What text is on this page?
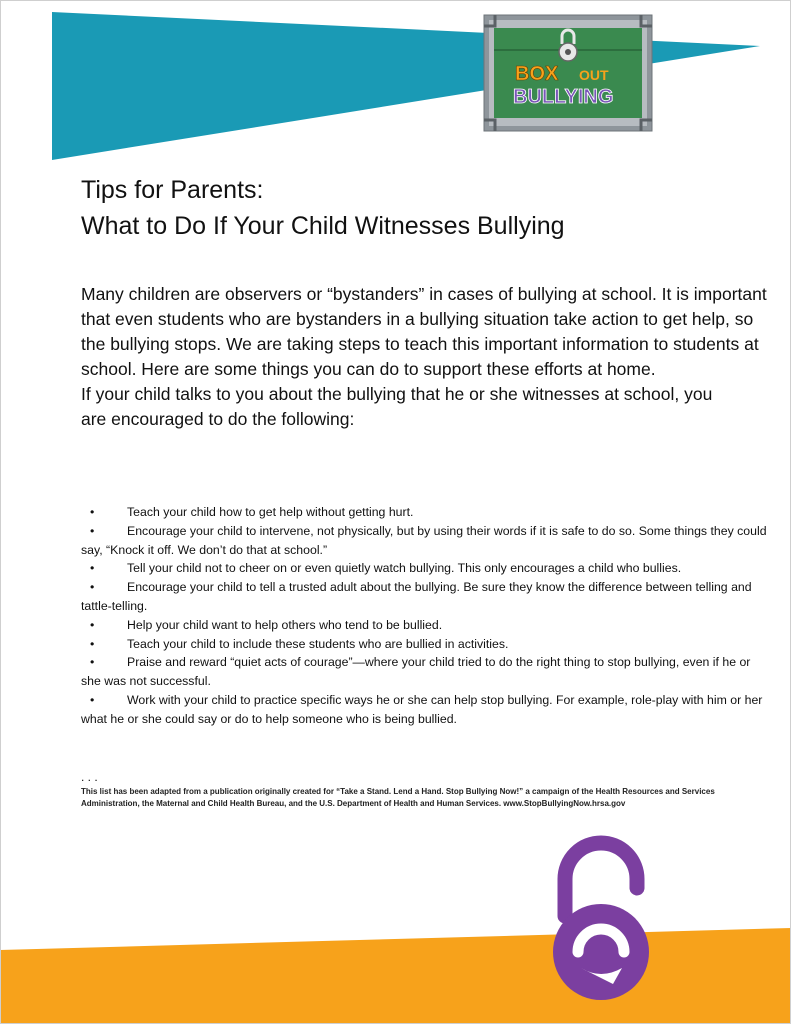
BOX OUT
BULLYING
Tips for Parents:
What to Do If Your Child Witnesses Bullying

Many children are observers or “bystanders” in cases of bullying at school. It is important that even students who are bystanders in a bullying situation take action to get help, so the bullying stops. We are taking steps to teach this important information to students at school. Here are some things you can do to support these efforts at home.

If your child talks to you about the bullying that he or she witnesses at school, you

are encouraged to do the following:

•	Teach your child how to get help without getting hurt.
•	Encourage your child to intervene, not physically, but by using their words if it is safe to do so. Some things they could say, “Knock it off. We don’t do that at school.”
•	Tell your child not to cheer on or even quietly watch bullying. This only encourages a child who bullies.
•	Encourage your child to tell a trusted adult about the bullying. Be sure they know the difference between telling and tattle-telling.
•	Help your child want to help others who tend to be bullied.
•	Teach your child to include these students who are bullied in activities.
•	Praise and reward “quiet acts of courage”—where your child tried to do the right thing to stop bullying, even if he or she was not successful.
•	Work with your child to practice specific ways he or she can help stop bullying. For example, role-play with him or her what he or she could say or do to help someone who is being bullied.
. . .
This list has been adapted from a publication originally created for “Take a Stand. Lend a Hand. Stop Bullying Now!” a campaign of the Health Resources and Services Administration, the Maternal and Child Health Bureau, and the U.S. Department of Health and Human Services. www.StopBullyingNow.hrsa.gov
